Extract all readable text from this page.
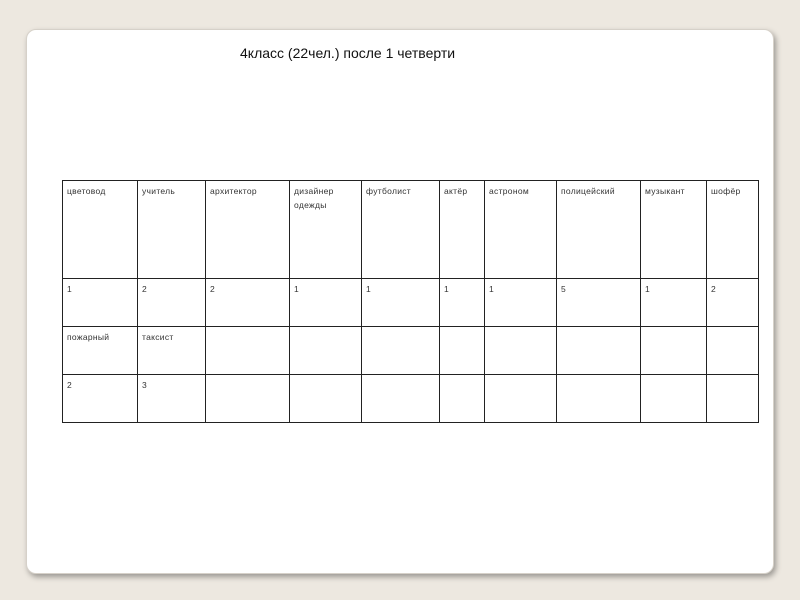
4класс (22чел.) после 1 четверти
цветовод	учитель	архитектор	дизайнер одежды	футболист	актёр	астроном	полицейский	музыкант	шофёр
1	2	2	1	1	1	1	5	1	2
пожарный	таксист								
2	3								
